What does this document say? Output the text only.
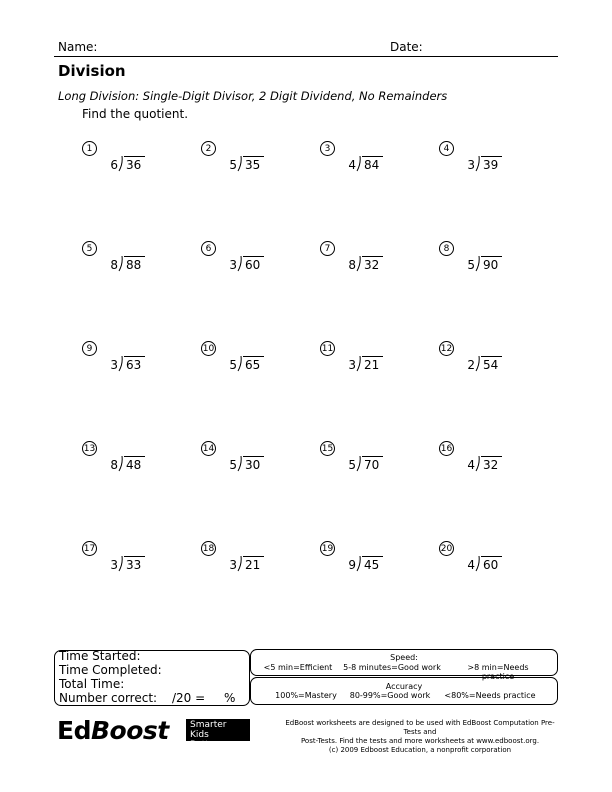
Name:	Date:
Division
Long Division: Single-Digit Divisor, 2 Digit Dividend, No Remainders
Find the quotient.
1
6 36
2
5 35
3
4 84
4
3 39
5
8 88
6
3 60
7
8 32
8
5 90
9
3 63
10
5 65
11
3 21
12
2 54
13
8 48
14
5 30
15
5 70
16
4 32
17
3 33
18
3 21
19
9 45
20
4 60
Time Started:
Time Completed:
Total Time:
Number correct: /20 = %
Speed:
<5 min=Efficient	5-8 minutes=Good work	>8 min=Needs practice
Accuracy
100%=Mastery	80-99%=Good work	<80%=Needs practice
EdBoost Smarter Kids
Better World
EdBoost worksheets are designed to be used with EdBoost Computation Pre-Tests and
Post-Tests. Find the tests and more worksheets at www.edboost.org.
(c) 2009 Edboost Education, a nonprofit corporation
